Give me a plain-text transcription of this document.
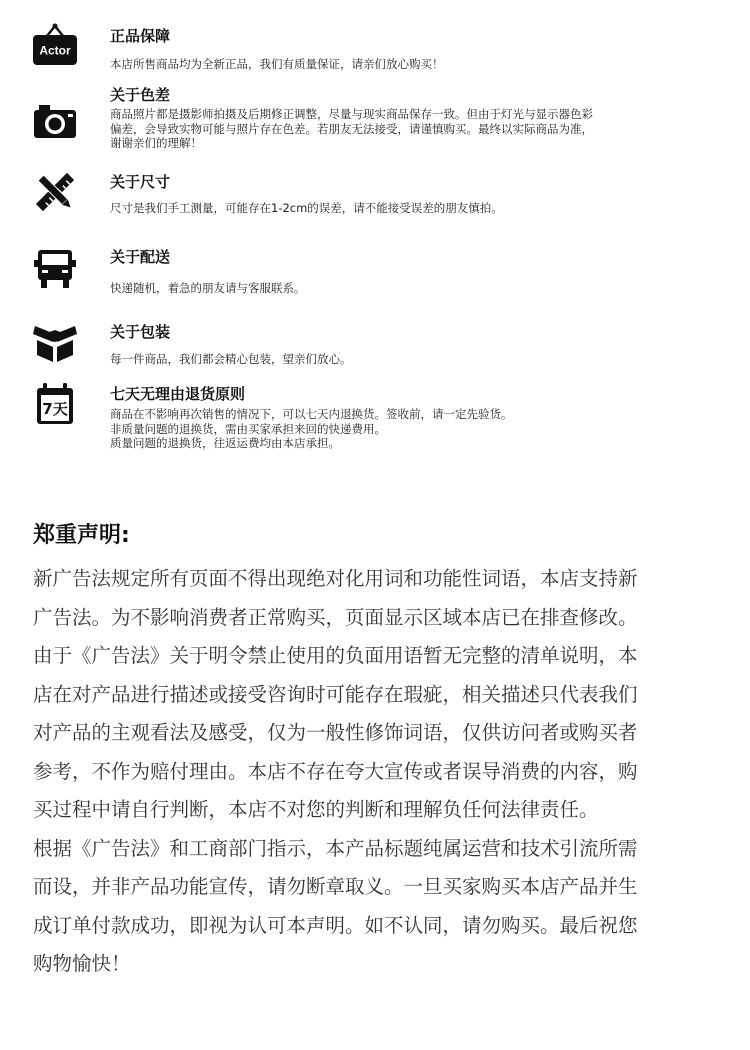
Actor
正品保障
本店所售商品均为全新正品，我们有质量保证，请亲们放心购买！
关于色差
商品照片都是摄影师拍摄及后期修正调整，尽量与现实商品保存一致。但由于灯光与显示器色彩
偏差，会导致实物可能与照片存在色差。若朋友无法接受，请谨慎购买。最终以实际商品为准，
谢谢亲们的理解！
关于尺寸
尺寸是我们手工测量，可能存在1-2cm的误差，请不能接受误差的朋友慎拍。
关于配送
快递随机，着急的朋友请与客服联系。
关于包装
每一件商品，我们都会精心包装，望亲们放心。
7天
七天无理由退货原则
商品在不影响再次销售的情况下，可以七天内退换货。签收前，请一定先验货。
非质量问题的退换货，需由买家承担来回的快递费用。
质量问题的退换货，往返运费均由本店承担。
郑重声明:
新广告法规定所有页面不得出现绝对化用词和功能性词语，本店支持新
广告法。为不影响消费者正常购买，页面显示区域本店已在排查修改。
由于《广告法》关于明令禁止使用的负面用语暂无完整的清单说明，本
店在对产品进行描述或接受咨询时可能存在瑕疵，相关描述只代表我们
对产品的主观看法及感受，仅为一般性修饰词语，仅供访问者或购买者
参考，不作为赔付理由。本店不存在夸大宣传或者误导消费的内容，购
买过程中请自行判断，本店不对您的判断和理解负任何法律责任。
根据《广告法》和工商部门指示，本产品标题纯属运营和技术引流所需
而设，并非产品功能宣传，请勿断章取义。一旦买家购买本店产品并生
成订单付款成功，即视为认可本声明。如不认同，请勿购买。最后祝您
购物愉快！
